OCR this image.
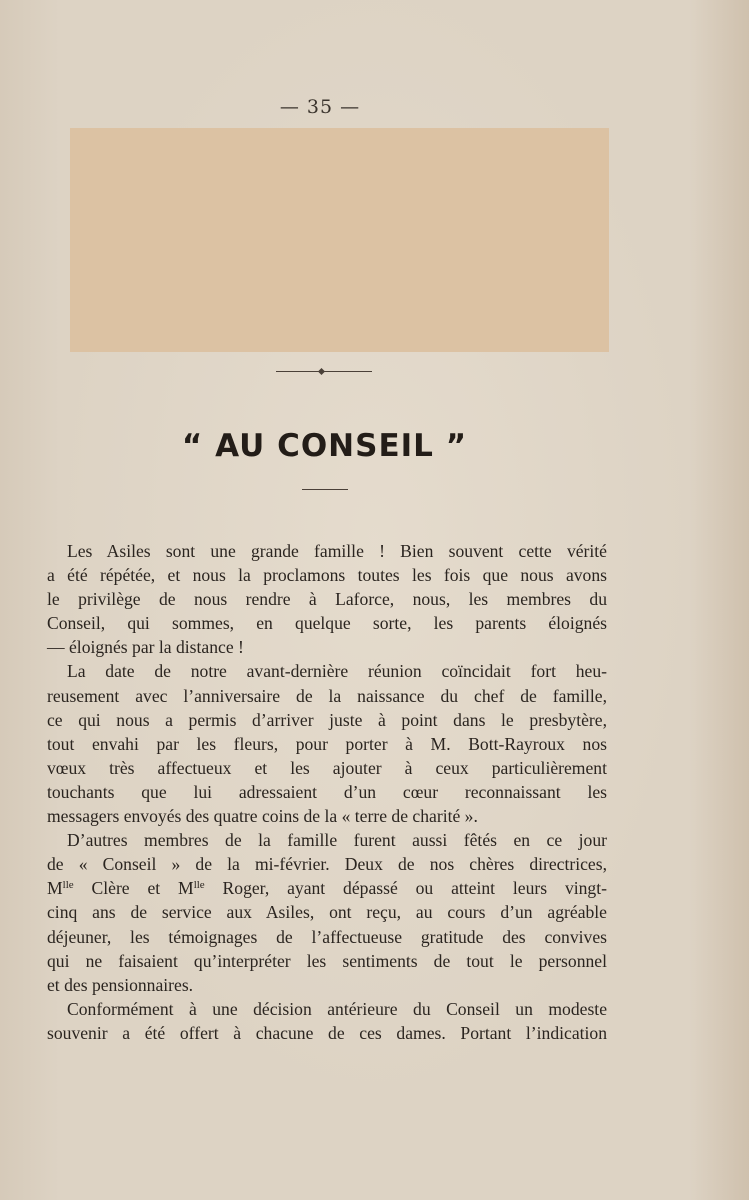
— 35 —
“ AU CONSEIL ”
Les Asiles sont une grande famille ! Bien souvent cette vérité
a été répétée, et nous la proclamons toutes les fois que nous avons
le privilège de nous rendre à Laforce, nous, les membres du
Conseil, qui sommes, en quelque sorte, les parents éloignés
— éloignés par la distance !
La date de notre avant-dernière réunion coïncidait fort heu-
reusement avec l’anniversaire de la naissance du chef de famille,
ce qui nous a permis d’arriver juste à point dans le presbytère,
tout envahi par les fleurs, pour porter à M. Bott-Rayroux nos
vœux très affectueux et les ajouter à ceux particulièrement
touchants que lui adressaient d’un cœur reconnaissant les
messagers envoyés des quatre coins de la « terre de charité ».
D’autres membres de la famille furent aussi fêtés en ce jour
de « Conseil » de la mi-février. Deux de nos chères directrices,
$M^{lle}$ Clère et $M^{lle}$ Roger, ayant dépassé ou atteint leurs vingt-
cinq ans de service aux Asiles, ont reçu, au cours d’un agréable
déjeuner, les témoignages de l’affectueuse gratitude des convives
qui ne faisaient qu’interpréter les sentiments de tout le personnel
et des pensionnaires.
Conformément à une décision antérieure du Conseil un modeste
souvenir a été offert à chacune de ces dames. Portant l’indication
